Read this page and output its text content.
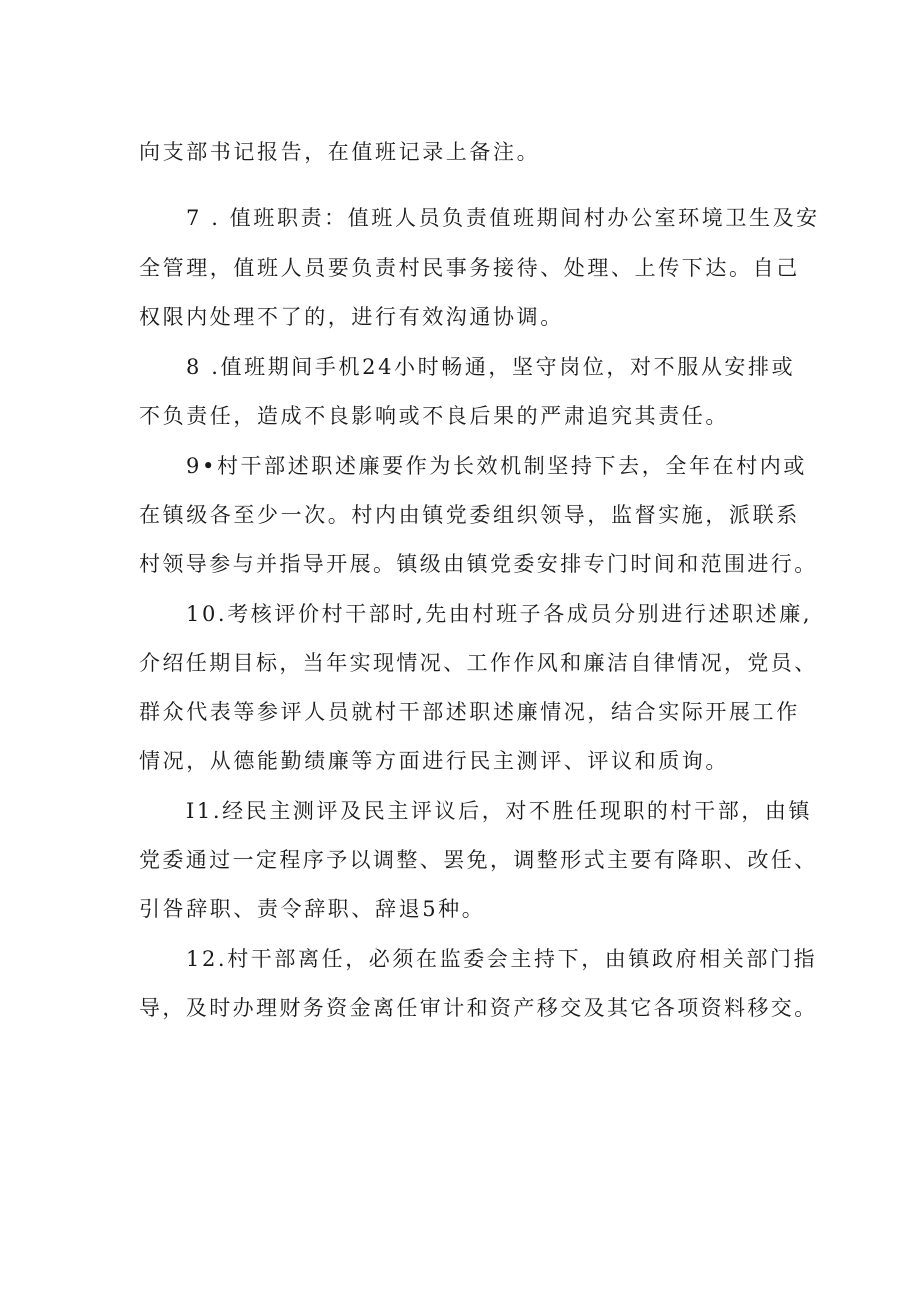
向支部书记报告，在值班记录上备注。
7 . 值班职责：值班人员负责值班期间村办公室环境卫生及安
全管理，值班人员要负责村民事务接待、处理、上传下达。自己
权限内处理不了的，进行有效沟通协调。
8 .值班期间手机24小时畅通，坚守岗位，对不服从安排或
不负责任，造成不良影响或不良后果的严肃追究其责任。
9•村干部述职述廉要作为长效机制坚持下去，全年在村内或
在镇级各至少一次。村内由镇党委组织领导，监督实施，派联系
村领导参与并指导开展。镇级由镇党委安排专门时间和范围进行。
10.考核评价村干部时,先由村班子各成员分别进行述职述廉,
介绍任期目标，当年实现情况、工作作风和廉洁自律情况，党员、
群众代表等参评人员就村干部述职述廉情况，结合实际开展工作
情况，从德能勤绩廉等方面进行民主测评、评议和质询。
I1.经民主测评及民主评议后，对不胜任现职的村干部，由镇
党委通过一定程序予以调整、罢免，调整形式主要有降职、改任、
引咎辞职、责令辞职、辞退5种。
12.村干部离任，必须在监委会主持下，由镇政府相关部门指
导，及时办理财务资金离任审计和资产移交及其它各项资料移交。
